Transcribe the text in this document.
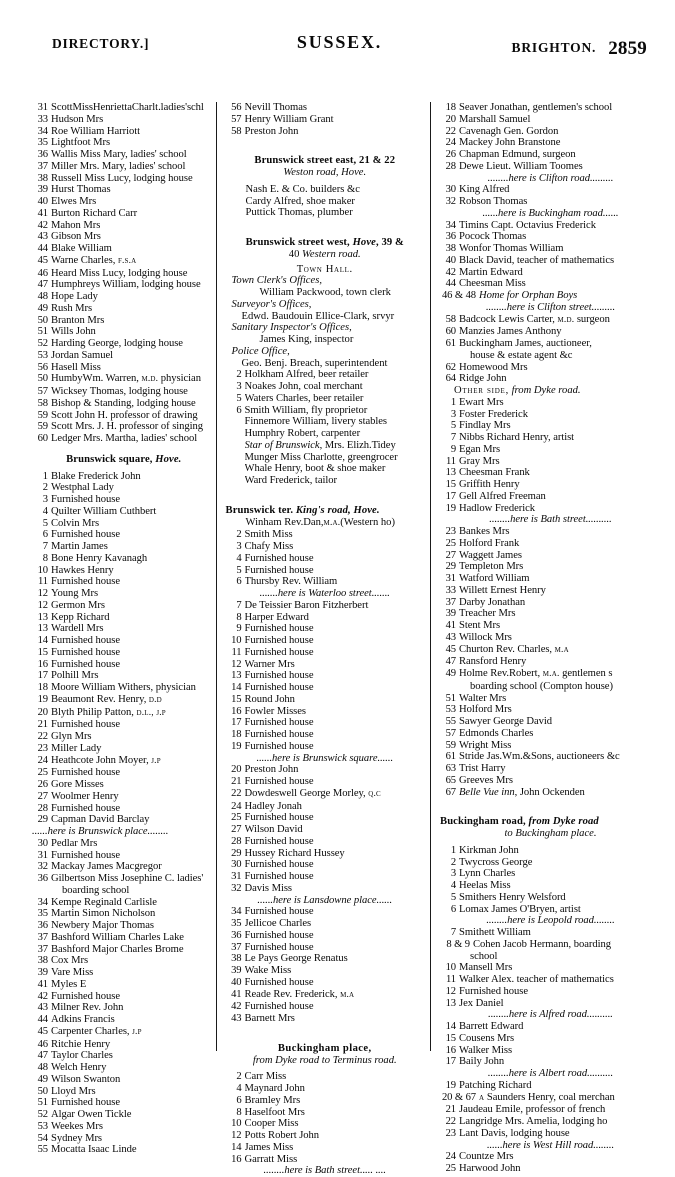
DIRECTORY.]	SUSSEX.	BRIGHTON. 2859
31 ScottMissHenriettaCharlt.ladies'schl
33 Hudson Mrs
34 Roe William Harriott
35 Lightfoot Mrs
36 Wallis Miss Mary, ladies' school
37 Miller Mrs. Mary, ladies' school
38 Russell Miss Lucy, lodging house
39 Hurst Thomas
40 Elwes Mrs
41 Burton Richard Carr
42 Mahon Mrs
43 Gibson Mrs
44 Blake William
45 Warne Charles, f.s.a
46 Heard Miss Lucy, lodging house
47 Humphreys William, lodging house
48 Hope Lady
49 Rush Mrs
50 Branton Mrs
51 Wills John
52 Harding George, lodging house
53 Jordan Samuel
56 Hasell Miss
50 HumbyWm. Warren, m.d. physician
57 Wicksey Thomas, lodging house
58 Bishop & Standing, lodging house
59 Scott John H. professor of drawing
59 Scott Mrs. J. H. professor of singing
60 Ledger Mrs. Martha, ladies' school
Brunswick square, Hove.
1 Blake Frederick John
2 Westphal Lady
3 Furnished house
4 Quilter William Cuthbert
5 Colvin Mrs
6 Furnished house
7 Martin James
8 Bone Henry Kavanagh
10 Hawkes Henry
11 Furnished house
12 Young Mrs
12 Germon Mrs
13 Kepp Richard
13 Wardell Mrs
14 Furnished house
15 Furnished house
16 Furnished house
17 Polhill Mrs
18 Moore William Withers, physician
19 Beaumont Rev. Henry, d.d
20 Blyth Philip Patton, d.l., j.p
21 Furnished house
22 Glyn Mrs
23 Miller Lady
24 Heathcote John Moyer, j.p
25 Furnished house
26 Gore Misses
27 Woolmer Henry
28 Furnished house
29 Capman David Barclay
......here is Brunswick place........
30 Pedlar Mrs
31 Furnished house
32 Mackay James Macgregor
36 Gilbertson Miss Josephine C. ladies'
boarding school
34 Kempe Reginald Carlisle
35 Martin Simon Nicholson
36 Newbery Major Thomas
37 Bashford William Charles Lake
37 Bashford Major Charles Brome
38 Cox Mrs
39 Vare Miss
41 Myles E
42 Furnished house
43 Milner Rev. John
44 Adkins Francis
45 Carpenter Charles, j.p
46 Ritchie Henry
47 Taylor Charles
48 Welch Henry
49 Wilson Swanton
50 Lloyd Mrs
51 Furnished house
52 Algar Owen Tickle
53 Weekes Mrs
54 Sydney Mrs
55 Mocatta Isaac Linde
56 Nevill Thomas
57 Henry William Grant
58 Preston John
Brunswick street east, 21 & 22
Weston road, Hove.
Nash E. & Co. builders &c
Cardy Alfred, shoe maker
Puttick Thomas, plumber
Brunswick street west, Hove, 39 &
40 Western road.
Town Hall.
Town Clerk's Offices,
William Packwood, town clerk
Surveyor's Offices,
Edwd. Baudouin Ellice-Clark, srvyr
Sanitary Inspector's Offices,
James King, inspector
Police Office,
Geo. Benj. Breach, superintendent
2 Holkham Alfred, beer retailer
3 Noakes John, coal merchant
5 Waters Charles, beer retailer
6 Smith William, fly proprietor
Finnemore William, livery stables
Humphry Robert, carpenter
Star of Brunswick, Mrs. Elizh.Tidey
Munger Miss Charlotte, greengrocer
Whale Henry, boot & shoe maker
Ward Frederick, tailor
Brunswick ter. King's road, Hove.
Winham Rev.Dan,m.a.(Western ho)
2 Smith Miss
3 Chafy Miss
4 Furnished house
5 Furnished house
6 Thursby Rev. William
.......here is Waterloo street.......
7 De Teissier Baron Fitzherbert
8 Harper Edward
9 Furnished house
10 Furnished house
11 Furnished house
12 Warner Mrs
13 Furnished house
14 Furnished house
15 Round John
16 Fowler Misses
17 Furnished house
18 Furnished house
19 Furnished house
......here is Brunswick square......
20 Preston John
21 Furnished house
22 Dowdeswell George Morley, q.c
24 Hadley Jonah
25 Furnished house
27 Wilson David
28 Furnished house
29 Hussey Richard Hussey
30 Furnished house
31 Furnished house
32 Davis Miss
......here is Lansdowne place......
34 Furnished house
35 Jellicoe Charles
36 Furnished house
37 Furnished house
38 Le Pays George Renatus
39 Wake Miss
40 Furnished house
41 Reade Rev. Frederick, m.a
42 Furnished house
43 Barnett Mrs
Buckingham place,
from Dyke road to Terminus road.
2 Carr Miss
4 Maynard John
6 Bramley Mrs
8 Haselfoot Mrs
10 Cooper Miss
12 Potts Robert John
14 James Miss
16 Garratt Miss
........here is Bath street..... ....
18 Seaver Jonathan, gentlemen's school
20 Marshall Samuel
22 Cavenagh Gen. Gordon
24 Mackey John Branstone
26 Chapman Edmund, surgeon
28 Dewe Lieut. William Toomes
........here is Clifton road.........
30 King Alfred
32 Robson Thomas
......here is Buckingham road......
34 Timins Capt. Octavius Frederick
36 Pocock Thomas
38 Wonfor Thomas William
40 Black David, teacher of mathematics
42 Martin Edward
44 Cheesman Miss
46 & 48 Home for Orphan Boys
........here is Clifton street.........
58 Badcock Lewis Carter, m.d. surgeon
60 Manzies James Anthony
61 Buckingham James, auctioneer,
house & estate agent &c
62 Homewood Mrs
64 Ridge John
Other side, from Dyke road.
1 Ewart Mrs
3 Foster Frederick
5 Findlay Mrs
7 Nibbs Richard Henry, artist
9 Egan Mrs
11 Gray Mrs
13 Cheesman Frank
15 Griffith Henry
17 Gell Alfred Freeman
19 Hadlow Frederick
........here is Bath street..........
23 Bankes Mrs
25 Holford Frank
27 Waggett James
29 Templeton Mrs
31 Watford William
33 Willett Ernest Henry
37 Darby Jonathan
39 Treacher Mrs
41 Stent Mrs
43 Willock Mrs
45 Churton Rev. Charles, m.a
47 Ransford Henry
49 Holme Rev.Robert, m.a. gentlemen s
boarding school (Compton house)
51 Walter Mrs
53 Holford Mrs
55 Sawyer George David
57 Edmonds Charles
59 Wright Miss
61 Stride Jas.Wm.&Sons, auctioneers &c
63 Trist Harry
65 Greeves Mrs
67 Belle Vue inn, John Ockenden
Buckingham road, from Dyke road
to Buckingham place.
1 Kirkman John
2 Twycross George
3 Lynn Charles
4 Heelas Miss
5 Smithers Henry Welsford
6 Lomax James O'Bryen, artist
........here is Leopold road........
7 Smithett William
8 & 9 Cohen Jacob Hermann, boarding
school
10 Mansell Mrs
11 Walker Alex. teacher of mathematics
12 Furnished house
13 Jex Daniel
........here is Alfred road..........
14 Barrett Edward
15 Cousens Mrs
16 Walker Miss
17 Baily John
........here is Albert road..........
19 Patching Richard
20 & 67 a Saunders Henry, coal merchan
21 Jaudeau Emile, professor of french
22 Langridge Mrs. Amelia, lodging ho
23 Lant Davis, lodging house
......here is West Hill road........
24 Countze Mrs
25 Harwood John
